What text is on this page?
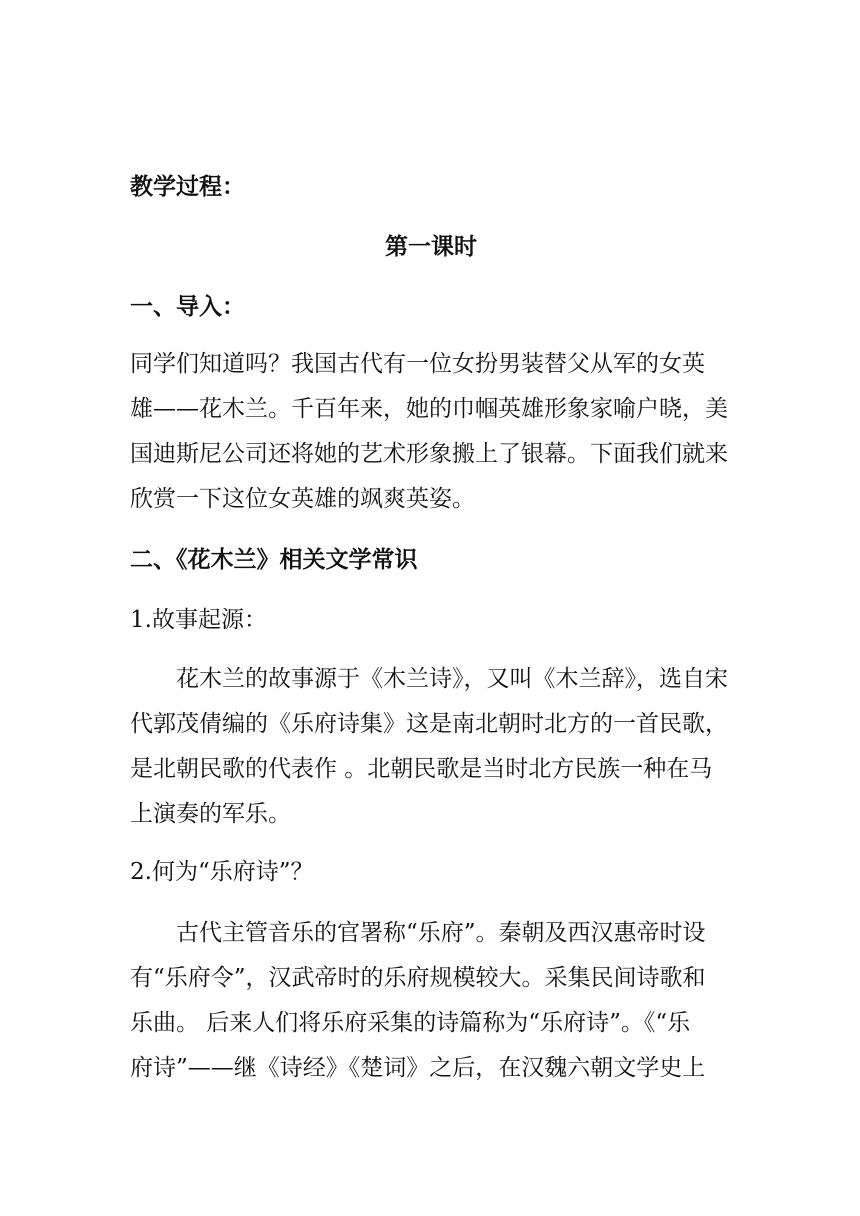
教学过程：
第一课时
一、导入：
同学们知道吗？我国古代有一位女扮男装替父从军的女英
雄——花木兰。千百年来，她的巾帼英雄形象家喻户晓，美
国迪斯尼公司还将她的艺术形象搬上了银幕。下面我们就来
欣赏一下这位女英雄的飒爽英姿。
二、《花木兰》相关文学常识
1.故事起源：
花木兰的故事源于《木兰诗》，又叫《木兰辞》，选自宋
代郭茂倩编的《乐府诗集》这是南北朝时北方的一首民歌，
是北朝民歌的代表作 。北朝民歌是当时北方民族一种在马
上演奏的军乐。
2.何为“乐府诗”？
古代主管音乐的官署称“乐府”。秦朝及西汉惠帝时设
有“乐府令”，汉武帝时的乐府规模较大。采集民间诗歌和
乐曲。 后来人们将乐府采集的诗篇称为“乐府诗”。《“乐
府诗”——继《诗经》《楚词》之后，在汉魏六朝文学史上
